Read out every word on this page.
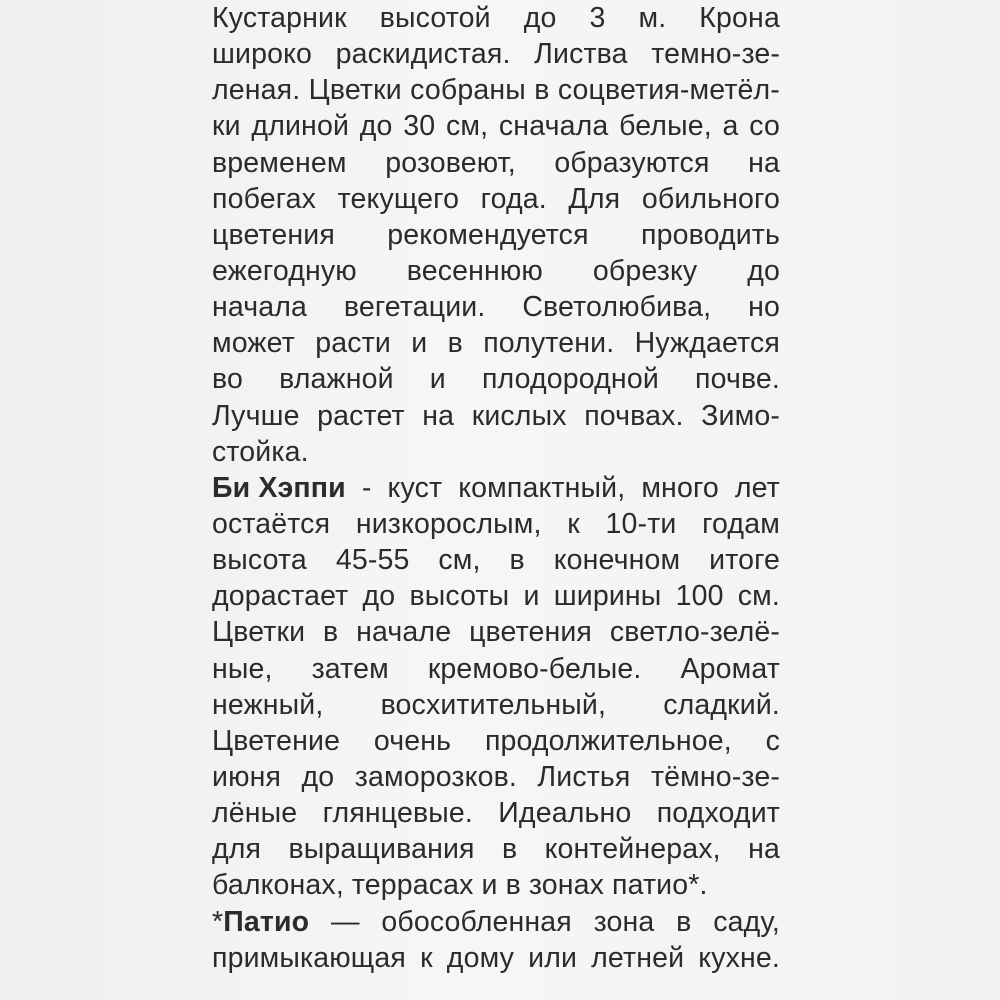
Кустарник высотой до 3 м. Крона
широко раскидистая. Листва темно-зе-
леная. Цветки собраны в соцветия-метёл-
ки длиной до 30 см, сначала белые, а со
временем розовеют, образуются на
побегах текущего года. Для обильного
цветения рекомендуется проводить
ежегодную весеннюю обрезку до
начала вегетации. Светолюбива, но
может расти и в полутени. Нуждается
во влажной и плодородной почве.
Лучше растет на кислых почвах. Зимо-
стойка.
Би Хэппи - куст компактный, много лет
остаётся низкорослым, к 10-ти годам
высота 45-55 см, в конечном итоге
дорастает до высоты и ширины 100 см.
Цветки в начале цветения светло-зелё-
ные, затем кремово-белые. Аромат
нежный, восхитительный, сладкий.
Цветение очень продолжительное, с
июня до заморозков. Листья тёмно-зе-
лёные глянцевые. Идеально подходит
для выращивания в контейнерах, на
балконах, террасах и в зонах патио*.
*Патио — обособленная зона в саду,
примыкающая к дому или летней кухне.
